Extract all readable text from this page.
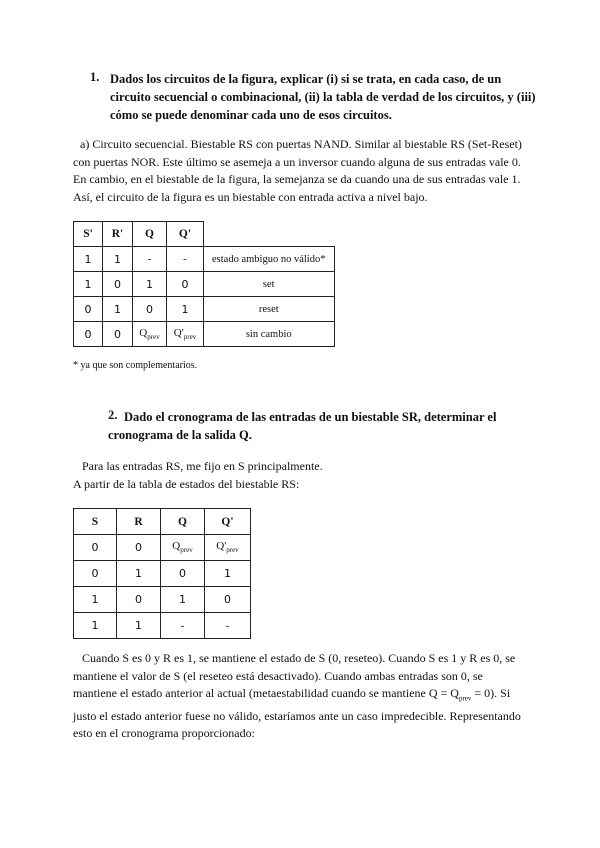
1. Dados los circuitos de la figura, explicar (i) si se trata, en cada caso, de un
circuito secuencial o combinacional, (ii) la tabla de verdad de los circuitos, y (iii)
cómo se puede denominar cada uno de esos circuitos.
a) Circuito secuencial. Biestable RS con puertas NAND. Similar al biestable RS (Set-Reset)
con puertas NOR. Este último se asemeja a un inversor cuando alguna de sus entradas vale 0.
En cambio, en el biestable de la figura, la semejanza se da cuando una de sus entradas vale 1.
Así, el circuito de la figura es un biestable con entrada activa a nivel bajo.
S'	R'	Q	Q'	
1	1	-	-	estado ambiguo no válido*
1	0	1	0	set
0	1	0	1	reset
0	0	$Q_{prev}$	$Q'_{prev}$	sin cambio
* ya que son complementarios.
2. Dado el cronograma de las entradas de un biestable SR, determinar el
cronograma de la salida Q.
Para las entradas RS, me fijo en S principalmente.
A partir de la tabla de estados del biestable RS:
S	R	Q	Q'
0	0	$Q_{prev}$	$Q'_{prev}$
0	1	0	1
1	0	1	0
1	1	-	-
Cuando S es 0 y R es 1, se mantiene el estado de S (0, reseteo). Cuando S es 1 y R es 0, se
mantiene el valor de S (el reseteo está desactivado). Cuando ambas entradas son 0, se
mantiene el estado anterior al actual (metaestabilidad cuando se mantiene $Q = Q_{prev} = 0$). Si
justo el estado anterior fuese no válido, estaríamos ante un caso impredecible. Representando
esto en el cronograma proporcionado:
